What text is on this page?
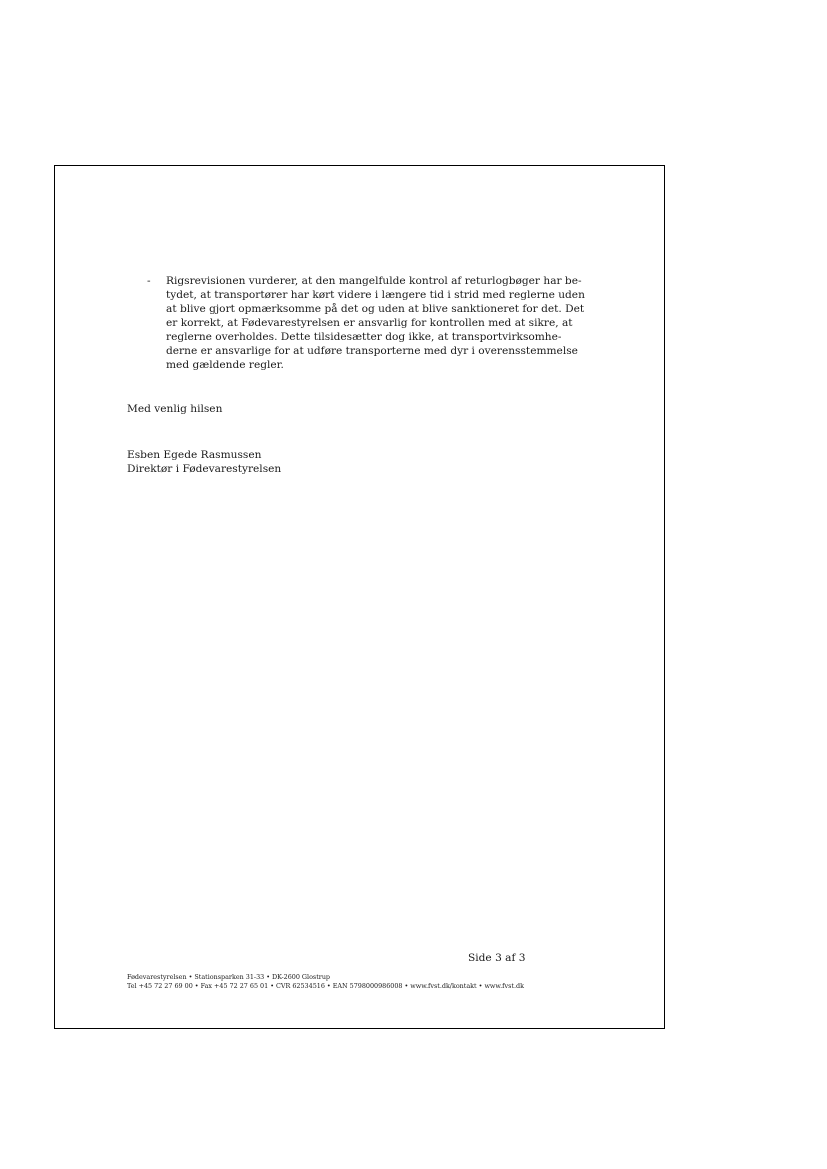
- Rigsrevisionen vurderer, at den mangelfulde kontrol af returlogbøger har be-
tydet, at transportører har kørt videre i længere tid i strid med reglerne uden
at blive gjort opmærksomme på det og uden at blive sanktioneret for det. Det
er korrekt, at Fødevarestyrelsen er ansvarlig for kontrollen med at sikre, at
reglerne overholdes. Dette tilsidesætter dog ikke, at transportvirksomhe-
derne er ansvarlige for at udføre transporterne med dyr i overensstemmelse
med gældende regler.
Med venlig hilsen
Esben Egede Rasmussen
Direktør i Fødevarestyrelsen
Side 3 af 3
Fødevarestyrelsen • Stationsparken 31-33 • DK-2600 Glostrup
Tel +45 72 27 69 00 • Fax +45 72 27 65 01 • CVR 62534516 • EAN 5798000986008 • www.fvst.dk/kontakt • www.fvst.dk
